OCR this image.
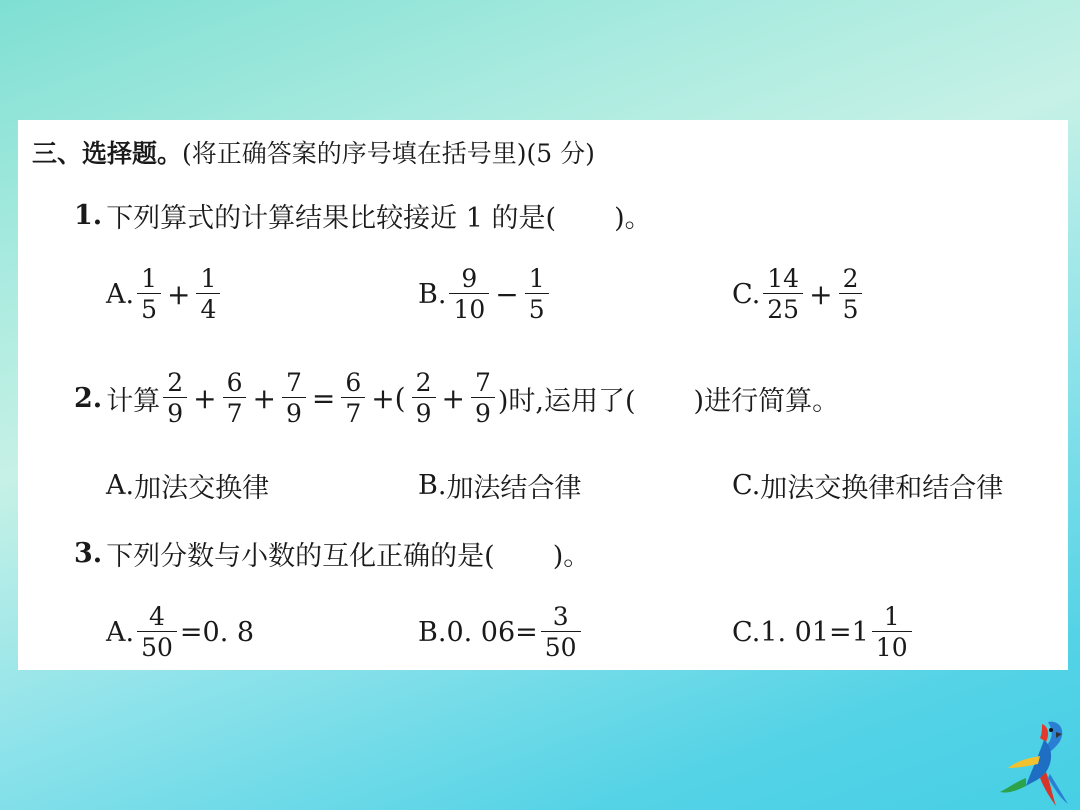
三、选择题。 (将正确答案的序号填在括号里)(5 分)
1. 下列算式的计算结果比较接近 1 的是( )。
A. $\frac{1}{5} + \frac{1}{4}$	B. $\frac{9}{10} - \frac{1}{5}$	C. $\frac{14}{25} + \frac{2}{5}$
2. 计算 $\frac{2}{9} + \frac{6}{7} + \frac{7}{9} = \frac{6}{7}$ +( $\frac{2}{9} + \frac{7}{9}$ )时,运用了( )进行简算。
A. 加法交换律	B. 加法结合律	C. 加法交换律和结合律
3. 下列分数与小数的互化正确的是( )。
A. $\frac{4}{50} =0$. 8	B. 0. $06= \frac{3}{50}$	C. 1. $01=1 \frac{1}{10}$
